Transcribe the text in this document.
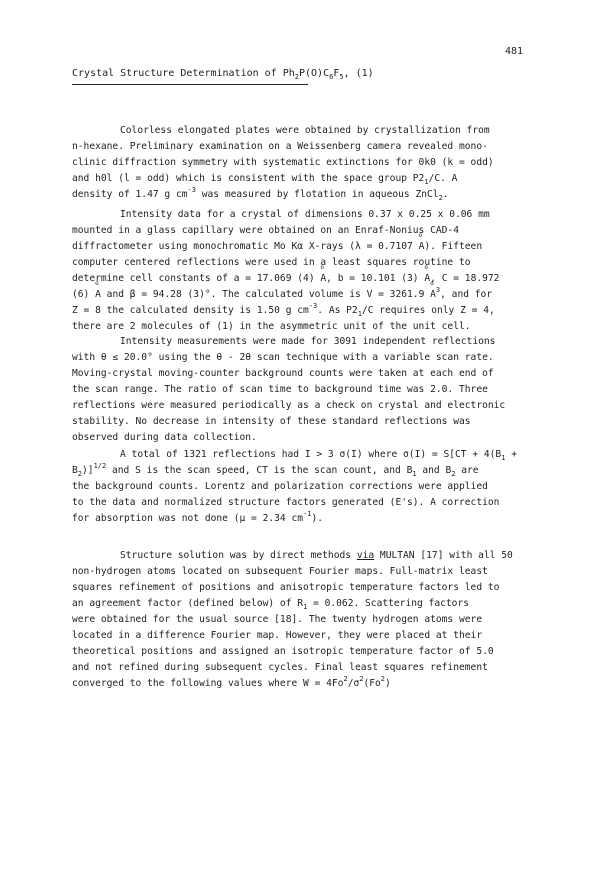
481
Crystal Structure Determination of $Ph_2P(O)C_6F_5$, (1)

Colorless elongated plates were obtained by crystallization from
n-hexane. Preliminary examination on a Weissenberg camera revealed mono-
clinic diffraction symmetry with systematic extinctions for 0k0 (k = odd)
and h0l (l = odd) which is consistent with the space group $P2_1/C$. A
density of 1.47 g $cm^{-3}$ was measured by flotation in aqueous ZnCl$_2$.

Intensity data for a crystal of dimensions 0.37 x 0.25 x 0.06 mm
mounted in a glass capillary were obtained on an Enraf-Nonius CAD-4
diffractometer using monochromatic Mo Kα X-rays (λ = 0.7107 o A). Fifteen
computer centered reflections were used in a least squares routine to
determine cell constants of a = 17.069 (4) o A, b = 10.101 (3) o A, C = 18.972
(6) o A and β = 94.28 (3)°. The calculated volume is V = 3261.9 o $A^3$, and for
Z = 8 the calculated density is 1.50 g $cm^{-3}$. As $P2_1/C$ requires only Z = 4,
there are 2 molecules of (1) in the asymmetric unit of the unit cell.

Intensity measurements were made for 3091 independent reflections
with θ ≤ 20.0° using the θ - 2θ scan technique with a variable scan rate.
Moving-crystal moving-counter background counts were taken at each end of
the scan range. The ratio of scan time to background time was 2.0. Three
reflections were measured periodically as a check on crystal and electronic
stability. No decrease in intensity of these standard reflections was
observed during data collection.

A total of 1321 reflections had I > 3 σ(I) where $\sigma(I) = S[CT + 4(B_1$ +
$B_2)]^{1/2}$ and S is the scan speed, CT is the scan count, and $B_1$ and $B_2$ are
the background counts. Lorentz and polarization corrections were applied
to the data and normalized structure factors generated (E's). A correction
for absorption was not done (μ = 2.34 $cm^{-1}$).

Structure solution was by direct methods via MULTAN [17] with all 50
non-hydrogen atoms located on subsequent Fourier maps. Full-matrix least
squares refinement of positions and anisotropic temperature factors led to
an agreement factor (defined below) of $R_1 = 0.062$. Scattering factors
were obtained for the usual source [18]. The twenty hydrogen atoms were
located in a difference Fourier map. However, they were placed at their
theoretical positions and assigned an isotropic temperature factor of 5.0
and not refined during subsequent cycles. Final least squares refinement
converged to the following values where $W = 4Fo^2/\sigma^2(Fo^2)$
